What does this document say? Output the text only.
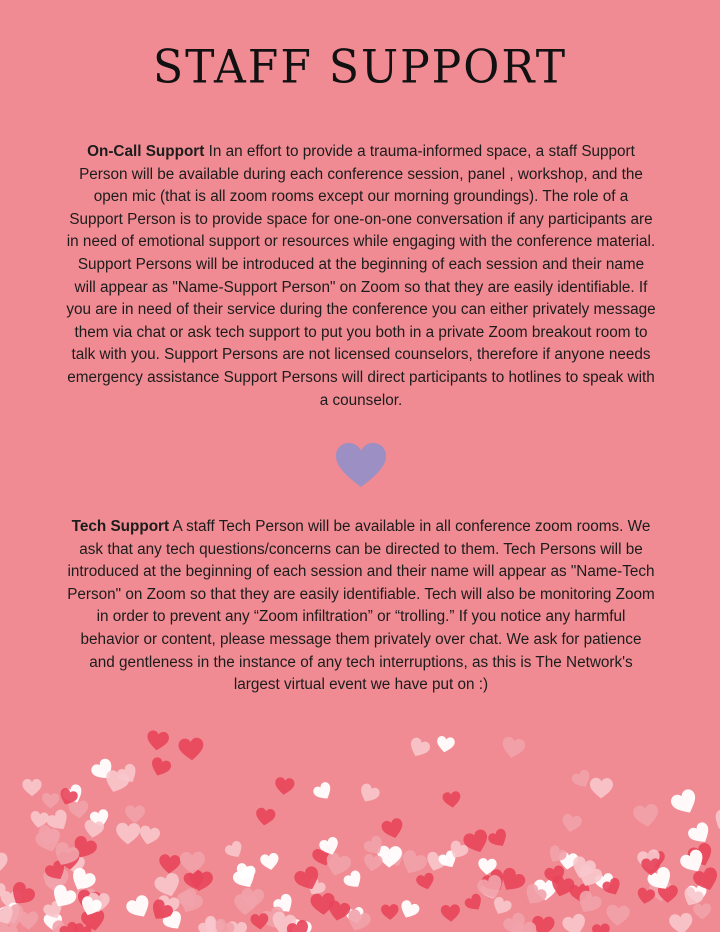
STAFF SUPPORT

On-Call Support In an effort to provide a trauma-informed space, a staff Support Person will be available during each conference session, panel , workshop, and the open mic (that is all zoom rooms except our morning groundings). The role of a Support Person is to provide space for one-on-one conversation if any participants are in need of emotional support or resources while engaging with the conference material. Support Persons will be introduced at the beginning of each session and their name will appear as "Name-Support Person" on Zoom so that they are easily identifiable. If you are in need of their service during the conference you can either privately message them via chat or ask tech support to put you both in a private Zoom breakout room to talk with you. Support Persons are not licensed counselors, therefore if anyone needs emergency assistance Support Persons will direct participants to hotlines to speak with a counselor.

Tech Support A staff Tech Person will be available in all conference zoom rooms. We ask that any tech questions/concerns can be directed to them. Tech Persons will be introduced at the beginning of each session and their name will appear as "Name-Tech Person" on Zoom so that they are easily identifiable. Tech will also be monitoring Zoom in order to prevent any “Zoom infiltration” or “trolling.” If you notice any harmful behavior or content, please message them privately over chat. We ask for patience and gentleness in the instance of any tech interruptions, as this is The Network's largest virtual event we have put on :)
